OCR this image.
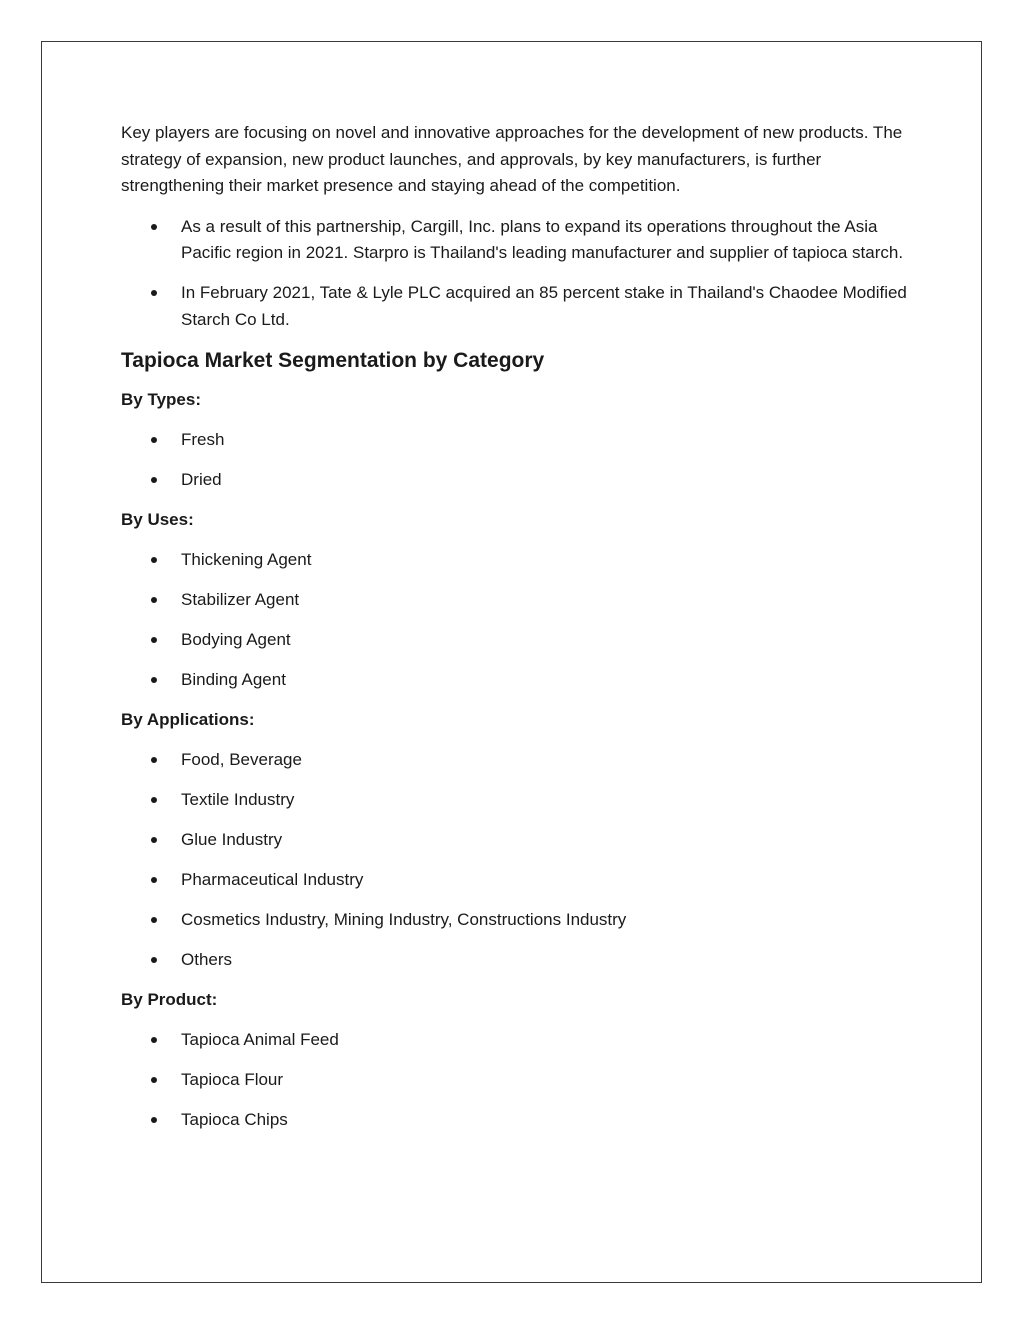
Key players are focusing on novel and innovative approaches for the development of new products. The strategy of expansion, new product launches, and approvals, by key manufacturers, is further strengthening their market presence and staying ahead of the competition.

As a result of this partnership, Cargill, Inc. plans to expand its operations throughout the Asia Pacific region in 2021. Starpro is Thailand's leading manufacturer and supplier of tapioca starch.
In February 2021, Tate & Lyle PLC acquired an 85 percent stake in Thailand's Chaodee Modified Starch Co Ltd.
Tapioca Market Segmentation by Category
By Types:
Fresh
Dried
By Uses:
Thickening Agent
Stabilizer Agent
Bodying Agent
Binding Agent
By Applications:
Food, Beverage
Textile Industry
Glue Industry
Pharmaceutical Industry
Cosmetics Industry, Mining Industry, Constructions Industry
Others
By Product:
Tapioca Animal Feed
Tapioca Flour
Tapioca Chips
